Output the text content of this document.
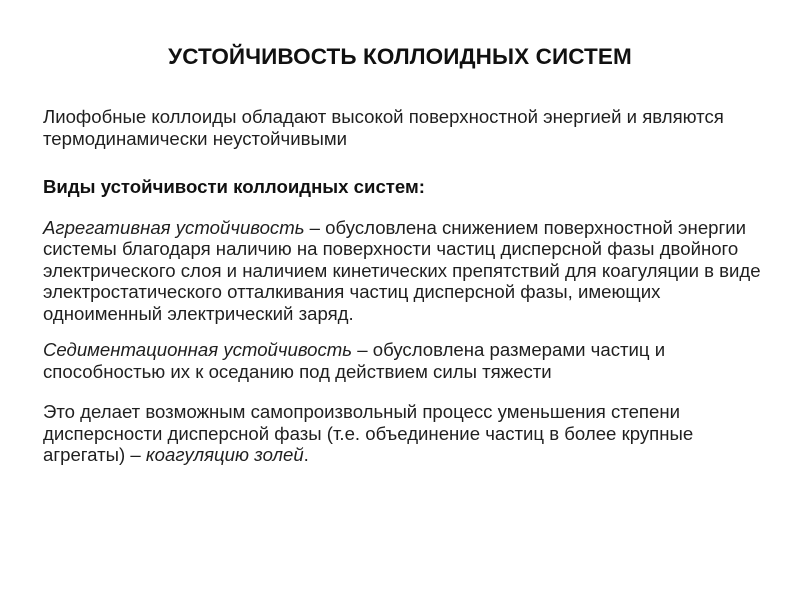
УСТОЙЧИВОСТЬ КОЛЛОИДНЫХ СИСТЕМ

Лиофобные коллоиды обладают высокой поверхностной энергией и являются термодинамически неустойчивыми

Виды устойчивости коллоидных систем:

Агрегативная устойчивость – обусловлена снижением поверхностной энергии системы благодаря наличию на поверхности частиц дисперсной фазы двойного электрического слоя и наличием кинетических препятствий для коагуляции в виде электростатического отталкивания частиц дисперсной фазы, имеющих одноименный электрический заряд.

Седиментационная устойчивость – обусловлена размерами частиц и способностью их к оседанию под действием силы тяжести

Это делает возможным самопроизвольный процесс уменьшения степени дисперсности дисперсной фазы (т.е. объединение частиц в более крупные агрегаты) – коагуляцию золей.
